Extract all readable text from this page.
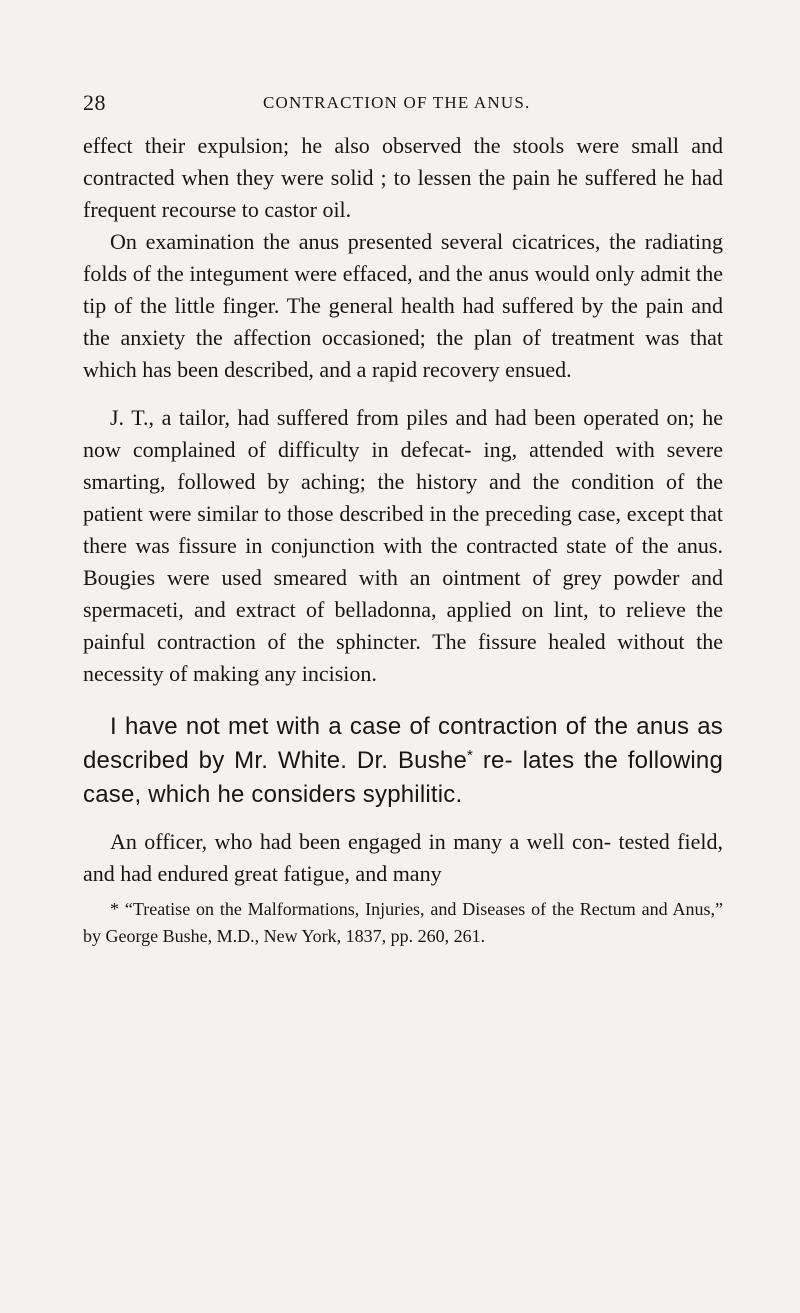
28	CONTRACTION OF THE ANUS.

effect their expulsion; he also observed the stools were small and contracted when they were solid ; to lessen the pain he suffered he had frequent recourse to castor oil.

On examination the anus presented several cicatrices, the radiating folds of the integument were effaced, and the anus would only admit the tip of the little finger. The general health had suffered by the pain and the anxiety the affection occasioned; the plan of treatment was that which has been described, and a rapid recovery ensued.

J. T., a tailor, had suffered from piles and had been operated on; he now complained of difficulty in defecat- ing, attended with severe smarting, followed by aching; the history and the condition of the patient were similar to those described in the preceding case, except that there was fissure in conjunction with the contracted state of the anus. Bougies were used smeared with an ointment of grey powder and spermaceti, and extract of belladonna, applied on lint, to relieve the painful contraction of the sphincter. The fissure healed without the necessity of making any incision.

I have not met with a case of contraction of the anus as described by Mr. White. Dr. Bushe* re- lates the following case, which he considers syphilitic.

An officer, who had been engaged in many a well con- tested field, and had endured great fatigue, and many

* “Treatise on the Malformations, Injuries, and Diseases of the Rectum and Anus,” by George Bushe, M.D., New York, 1837, pp. 260, 261.
